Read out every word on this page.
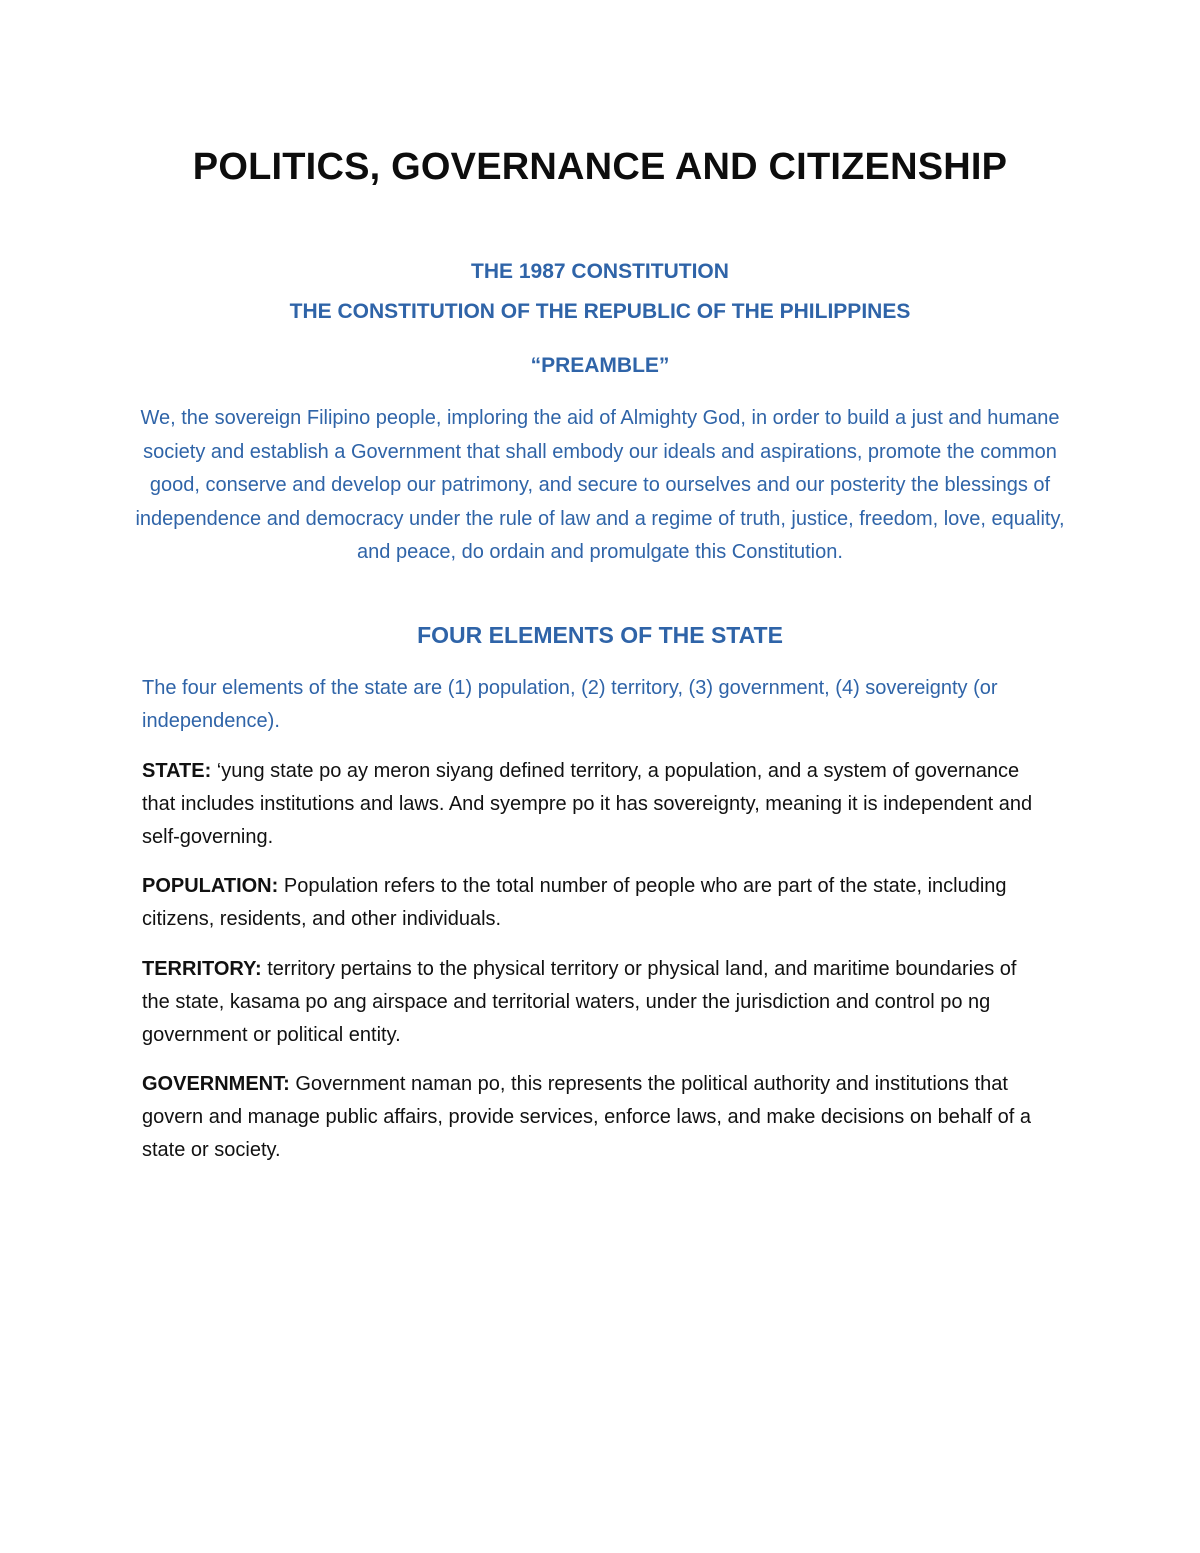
POLITICS, GOVERNANCE AND CITIZENSHIP
THE 1987 CONSTITUTION
THE CONSTITUTION OF THE REPUBLIC OF THE PHILIPPINES
“PREAMBLE”
We, the sovereign Filipino people, imploring the aid of Almighty God, in order to build a just and humane society and establish a Government that shall embody our ideals and aspirations, promote the common good, conserve and develop our patrimony, and secure to ourselves and our posterity the blessings of independence and democracy under the rule of law and a regime of truth, justice, freedom, love, equality, and peace, do ordain and promulgate this Constitution.
FOUR ELEMENTS OF THE STATE

The four elements of the state are (1) population, (2) territory, (3) government, (4) sovereignty (or independence).

STATE: ‘yung state po ay meron siyang defined territory, a population, and a system of governance that includes institutions and laws. And syempre po it has sovereignty, meaning it is independent and self-governing.

POPULATION: Population refers to the total number of people who are part of the state, including citizens, residents, and other individuals.

TERRITORY: territory pertains to the physical territory or physical land, and maritime boundaries of the state, kasama po ang airspace and territorial waters, under the jurisdiction and control po ng government or political entity.

GOVERNMENT: Government naman po, this represents the political authority and institutions that govern and manage public affairs, provide services, enforce laws, and make decisions on behalf of a state or society.
